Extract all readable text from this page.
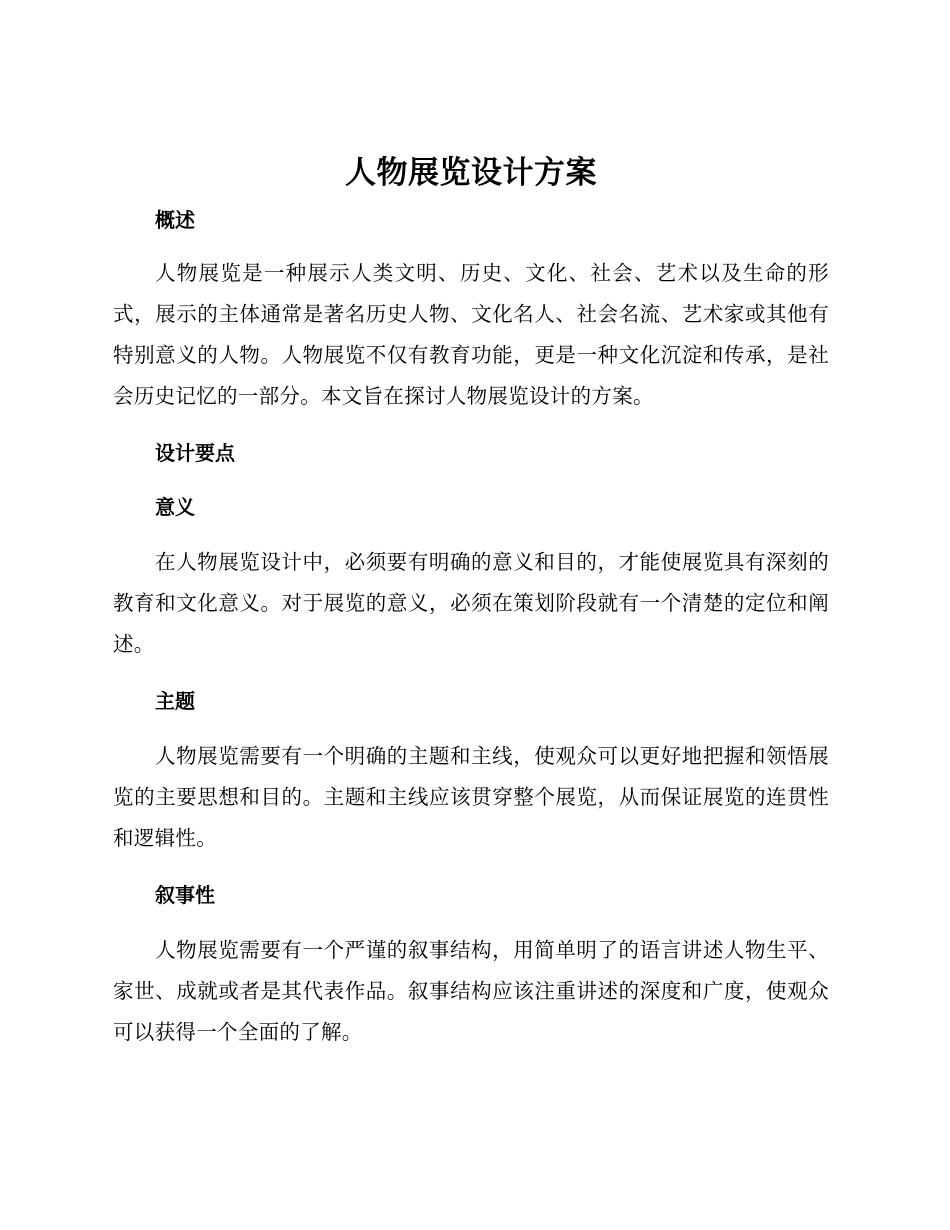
人物展览设计方案
概述

人物展览是一种展示人类文明、历史、文化、社会、艺术以及生命的形式，展示的主体通常是著名历史人物、文化名人、社会名流、艺术家或其他有特别意义的人物。人物展览不仅有教育功能，更是一种文化沉淀和传承，是社会历史记忆的一部分。本文旨在探讨人物展览设计的方案。

设计要点
意义

在人物展览设计中，必须要有明确的意义和目的，才能使展览具有深刻的教育和文化意义。对于展览的意义，必须在策划阶段就有一个清楚的定位和阐述。

主题

人物展览需要有一个明确的主题和主线，使观众可以更好地把握和领悟展览的主要思想和目的。主题和主线应该贯穿整个展览，从而保证展览的连贯性和逻辑性。

叙事性

人物展览需要有一个严谨的叙事结构，用简单明了的语言讲述人物生平、家世、成就或者是其代表作品。叙事结构应该注重讲述的深度和广度，使观众可以获得一个全面的了解。
